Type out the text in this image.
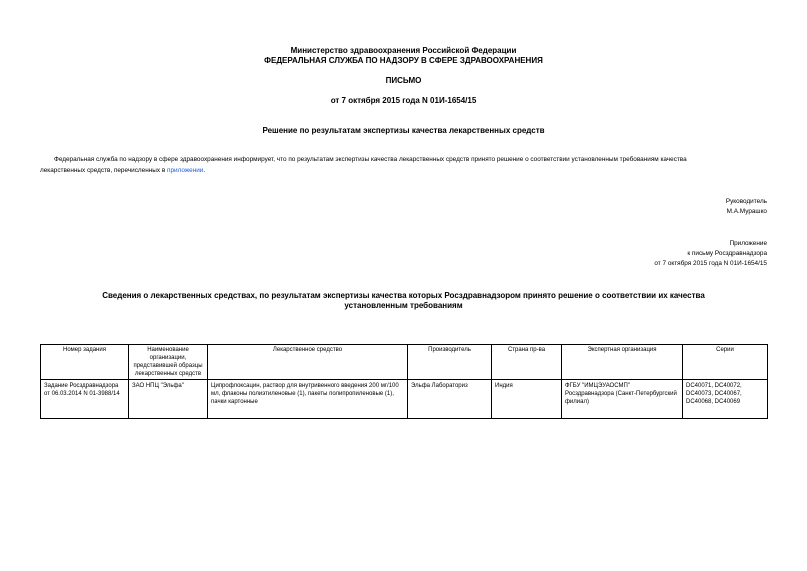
Министерство здравоохранения Российской Федерации
ФЕДЕРАЛЬНАЯ СЛУЖБА ПО НАДЗОРУ В СФЕРЕ ЗДРАВООХРАНЕНИЯ
ПИСЬМО
от 7 октября 2015 года N 01И-1654/15
Решение по результатам экспертизы качества лекарственных средств
Федеральная служба по надзору в сфере здравоохранения информирует, что по результатам экспертизы качества лекарственных средств принято решение о соответствии установленным требованиям качества
лекарственных средств, перечисленных в приложении.
Руководитель
М.А.Мурашко
Приложение
к письму Росздравнадзора
от 7 октября 2015 года N 01И-1654/15
Сведения о лекарственных средствах, по результатам экспертизы качества которых Росздравнадзором принято решение о соответствии их качества
установленным требованиям
Номер задания	Наименование организации, представившей образцы лекарственных средств	Лекарственное средство	Производитель	Страна пр-ва	Экспертная организация	Серии
Задание Росздравнадзора от 06.03.2014 N 01-3988/14	ЗАО НПЦ "Эльфа"	Ципрофлоксацин, раствор для внутривенного введения 200 мг/100 мл, флаконы полиэтиленовые (1), пакеты полипропиленовые (1), пачки картонные	Эльфа Лабораториз	Индия	ФГБУ "ИМЦЭУАОСМП" Росздравнадзора (Санкт-Петербургский филиал)	DC40071, DC40072, DC40073, DC40067, DC40068, DC40069
